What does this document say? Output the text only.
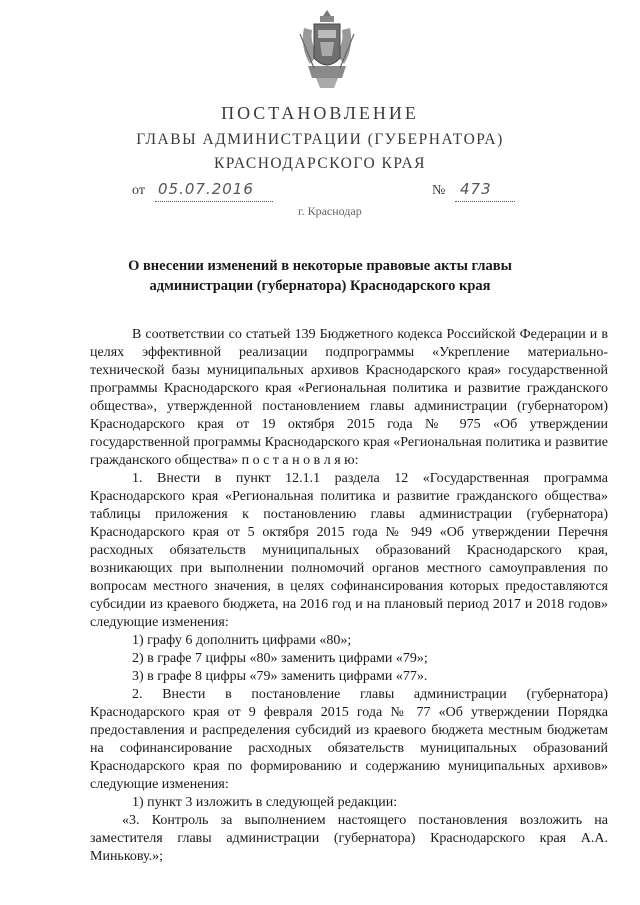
ПОСТАНОВЛЕНИЕ
ГЛАВЫ АДМИНИСТРАЦИИ (ГУБЕРНАТОРА)
КРАСНОДАРСКОГО КРАЯ
от 05.07.2016	№ 473
г. Краснодар
О внесении изменений в некоторые правовые акты главы
администрации (губернатора) Краснодарского края

В соответствии со статьей 139 Бюджетного кодекса Российской Федерации и в целях эффективной реализации подпрограммы «Укрепление материально-технической базы муниципальных архивов Краснодарского края» государственной программы Краснодарского края «Региональная политика и развитие гражданского общества», утвержденной постановлением главы администрации (губернатором) Краснодарского края от 19 октября 2015 года № 975 «Об утверждении государственной программы Краснодарского края «Региональная политика и развитие гражданского общества» п о с т а н о в л я ю:

1. Внести в пункт 12.1.1 раздела 12 «Государственная программа Краснодарского края «Региональная политика и развитие гражданского общества» таблицы приложения к постановлению главы администрации (губернатора) Краснодарского края от 5 октября 2015 года № 949 «Об утверждении Перечня расходных обязательств муниципальных образований Краснодарского края, возникающих при выполнении полномочий органов местного самоуправления по вопросам местного значения, в целях софинансирования которых предоставляются субсидии из краевого бюджета, на 2016 год и на плановый период 2017 и 2018 годов» следующие изменения:

1) графу 6 дополнить цифрами «80»;

2) в графе 7 цифры «80» заменить цифрами «79»;

3) в графе 8 цифры «79» заменить цифрами «77».

2. Внести в постановление главы администрации (губернатора) Краснодарского края от 9 февраля 2015 года № 77 «Об утверждении Порядка предоставления и распределения субсидий из краевого бюджета местным бюджетам на софинансирование расходных обязательств муниципальных образований Краснодарского края по формированию и содержанию муниципальных архивов» следующие изменения:

1) пункт 3 изложить в следующей редакции:

«3. Контроль за выполнением настоящего постановления возложить на заместителя главы администрации (губернатора) Краснодарского края А.А. Минькову.»;
